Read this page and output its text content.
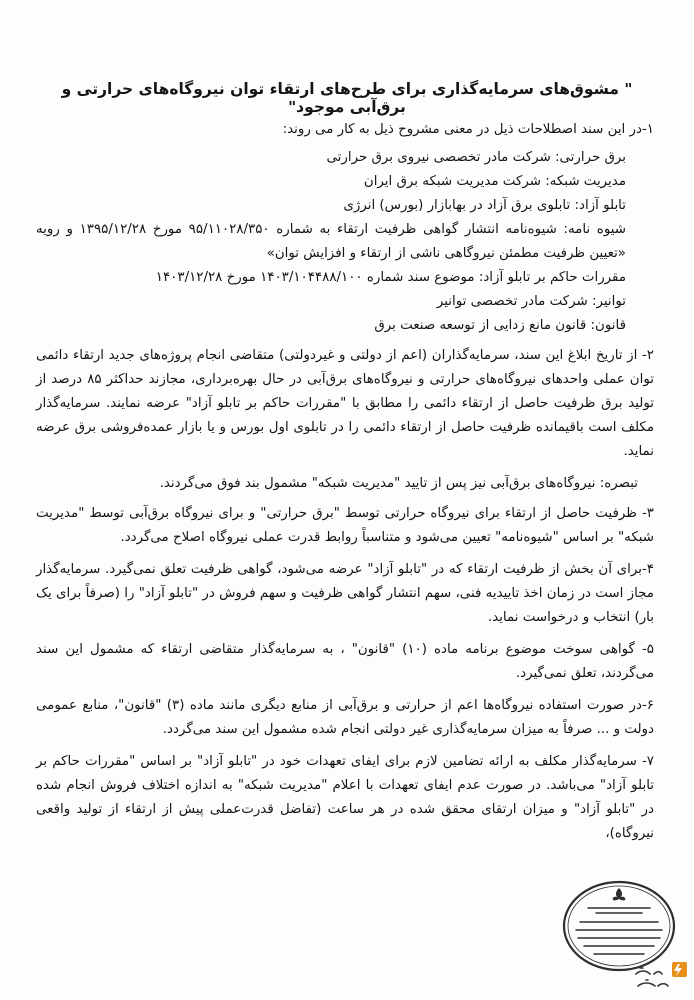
" مشوق‌های سرمایه‌گذاری برای طرح‌های ارتقاء توان نیروگاه‌های حرارتی و برق‌آبی موجود"

۱-در این سند اصطلاحات ذیل در معنی مشروح ذیل به کار می روند:

برق حرارتی: شرکت مادر تخصصی نیروی برق حرارتی

مدیریت شبکه: شرکت مدیریت شبکه برق ایران

تابلو آزاد: تابلوی برق آزاد در بهابازار (بورس) انرژی

شیوه نامه: شیوه‌نامه انتشار گواهی ظرفیت ارتقاء به شماره ۹۵/۱۱۰۲۸/۳۵۰ مورخ ۱۳۹۵/۱۲/۲۸ و رویه «تعیین ظرفیت مطمئن نیروگاهی ناشی از ارتقاء و افزایش توان»

مقررات حاکم بر تابلو آزاد: موضوع سند شماره ۱۴۰۳/۱۰۴۴۸۸/۱۰۰ مورخ ۱۴۰۳/۱۲/۲۸

توانیر: شرکت مادر تخصصی توانیر

قانون: قانون مانع زدایی از توسعه صنعت برق

۲- از تاریخ ابلاغ این سند، سرمایه‌گذاران (اعم از دولتی و غیردولتی) متقاضی انجام پروژه‌های جدید ارتقاء دائمی توان عملی واحدهای نیروگاه‌های حرارتی و نیروگاه‌های برق‌آبی در حال بهره‌برداری، مجازند حداکثر ۸۵ درصد از تولید برق ظرفیت حاصل از ارتقاء دائمی را مطابق با "مقررات حاکم بر تابلو آزاد" عرضه نمایند. سرمایه‌گذار مکلف است باقیمانده ظرفیت حاصل از ارتقاء دائمی را در تابلوی اول بورس و یا بازار عمده‌فروشی برق عرضه نماید.

تبصره: نیروگاه‌های برق‌آبی نیز پس از تایید "مدیریت شبکه" مشمول بند فوق می‌گردند.

۳- ظرفیت حاصل از ارتقاء برای نیروگاه حرارتی توسط "برق حرارتی" و برای نیروگاه برق‌آبی توسط "مدیریت شبکه" بر اساس "شیوه‌نامه" تعیین می‌شود و متناسباً روابط قدرت عملی نیروگاه اصلاح می‌گردد.

۴-برای آن بخش از ظرفیت ارتقاء که در "تابلو آزاد" عرضه می‌شود، گواهی ظرفیت تعلق نمی‌گیرد. سرمایه‌گذار مجاز است در زمان اخذ تاییدیه فنی، سهم انتشار گواهی ظرفیت و سهم فروش در "تابلو آزاد" را (صرفاً برای یک بار) انتخاب و درخواست نماید.

۵- گواهی سوخت موضوع برنامه ماده (۱۰) "قانون" ، به سرمایه‌گذار متقاضی ارتقاء که مشمول این سند می‌گردند، تعلق نمی‌گیرد.

۶-در صورت استفاده نیروگاه‌ها اعم از حرارتی و برق‌آبی از منابع دیگری مانند ماده (۳) "قانون"، منابع عمومی دولت و ... صرفاً به میزان سرمایه‌گذاری غیر دولتی انجام شده مشمول این سند می‌گردد.

۷- سرمایه‌گذار مکلف به ارائه تضامین لازم برای ایفای تعهدات خود در "تابلو آزاد" بر اساس "مقررات حاکم بر تابلو آزاد" می‌باشد. در صورت عدم ایفای تعهدات با اعلام "مدیریت شبکه" به اندازه اختلاف فروش انجام شده در "تابلو آزاد" و میزان ارتقای محقق شده در هر ساعت (تفاضل قدرت‌عملی پیش از ارتقاء از تولید واقعی نیروگاه)،
